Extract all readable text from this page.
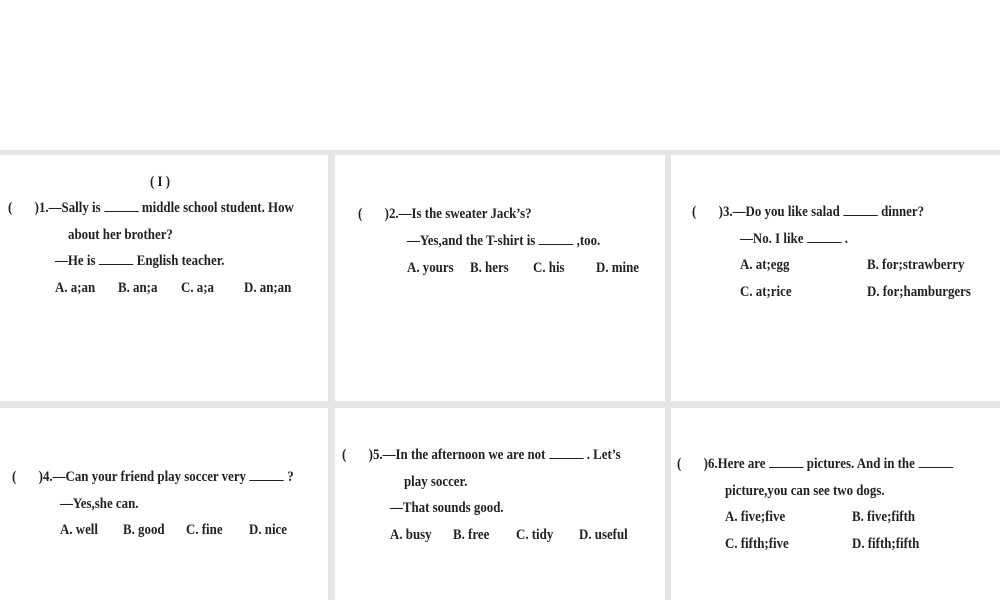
( I )
( )1.—Sally is	middle school student. How
about her brother?
—He is	English teacher.
A. a;an B. an;a C. a;a D. an;an
( )2.—Is the sweater Jack’s?
—Yes,and the T-shirt is	,too.
A. yours B. hers C. his D. mine
( )3.—Do you like salad	dinner?
—No. I like	.
A. at;egg	B. for;strawberry
C. at;rice	D. for;hamburgers
( )4.—Can your friend play soccer very	?
—Yes,she can.
A. well B. good C. fine D. nice
( )5.—In the afternoon we are not	. Let’s
play soccer.
—That sounds good.
A. busy B. free C. tidy D. useful
( )6.Here are	pictures. And in the
picture,you can see two dogs.
A. five;five	B. five;fifth
C. fifth;five	D. fifth;fifth
